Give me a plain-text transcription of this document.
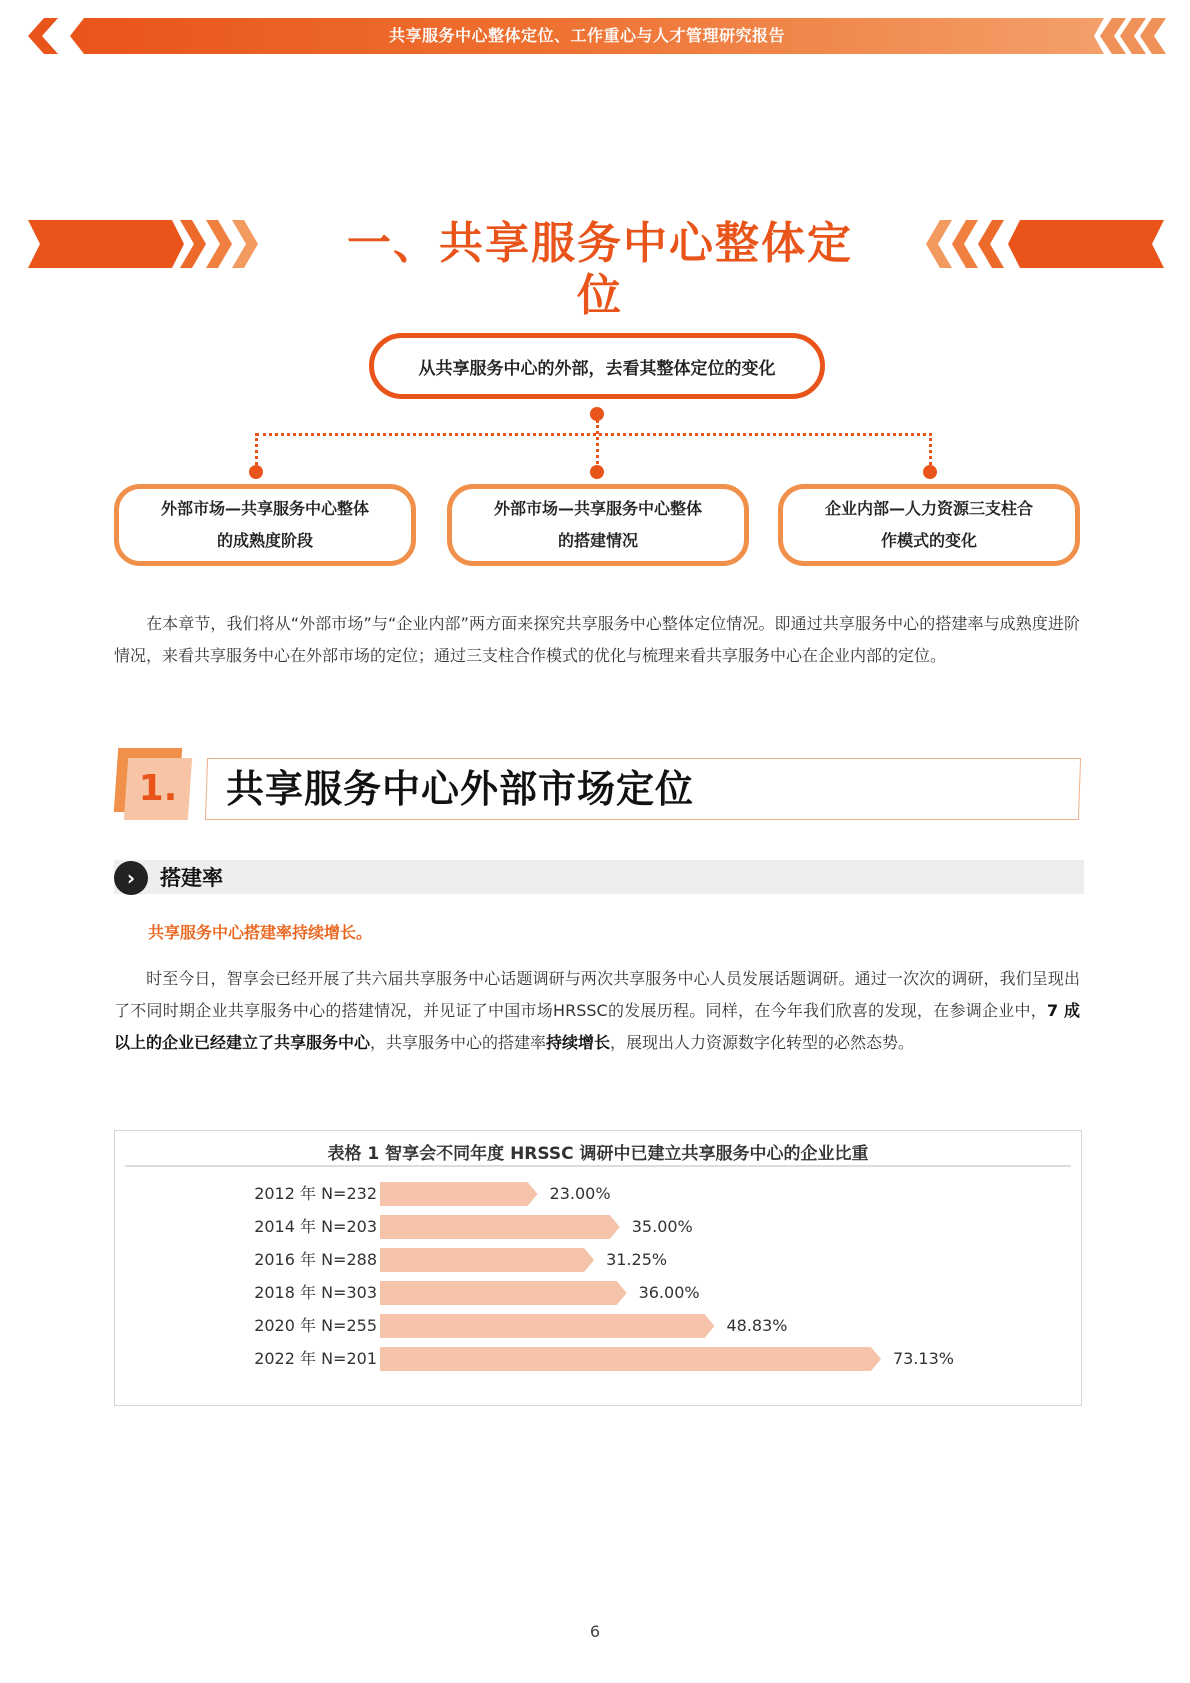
共享服务中心整体定位、工作重心与人才管理研究报告
一、共享服务中心整体定位
从共享服务中心的外部，去看其整体定位的变化
外部市场—共享服务中心整体
的成熟度阶段
外部市场—共享服务中心整体
的搭建情况
企业内部—人力资源三支柱合
作模式的变化
在本章节，我们将从“外部市场”与“企业内部”两方面来探究共享服务中心整体定位情况。即通过共享服务中心的搭建率与成熟度进阶情况，来看共享服务中心在外部市场的定位；通过三支柱合作模式的优化与梳理来看共享服务中心在企业内部的定位。
1.	共享服务中心外部市场定位
›	搭建率
共享服务中心搭建率持续增长。
时至今日，智享会已经开展了共六届共享服务中心话题调研与两次共享服务中心人员发展话题调研。通过一次次的调研，我们呈现出了不同时期企业共享服务中心的搭建情况，并见证了中国市场HRSSC的发展历程。同样，在今年我们欣喜的发现，在参调企业中，7 成以上的企业已经建立了共享服务中心，共享服务中心的搭建率持续增长，展现出人力资源数字化转型的必然态势。
表格 1 智享会不同年度 HRSSC 调研中已建立共享服务中心的企业比重
2012 年 N=232	23.00%
2014 年 N=203	35.00%
2016 年 N=288	31.25%
2018 年 N=303	36.00%
2020 年 N=255	48.83%
2022 年 N=201	73.13%
6
